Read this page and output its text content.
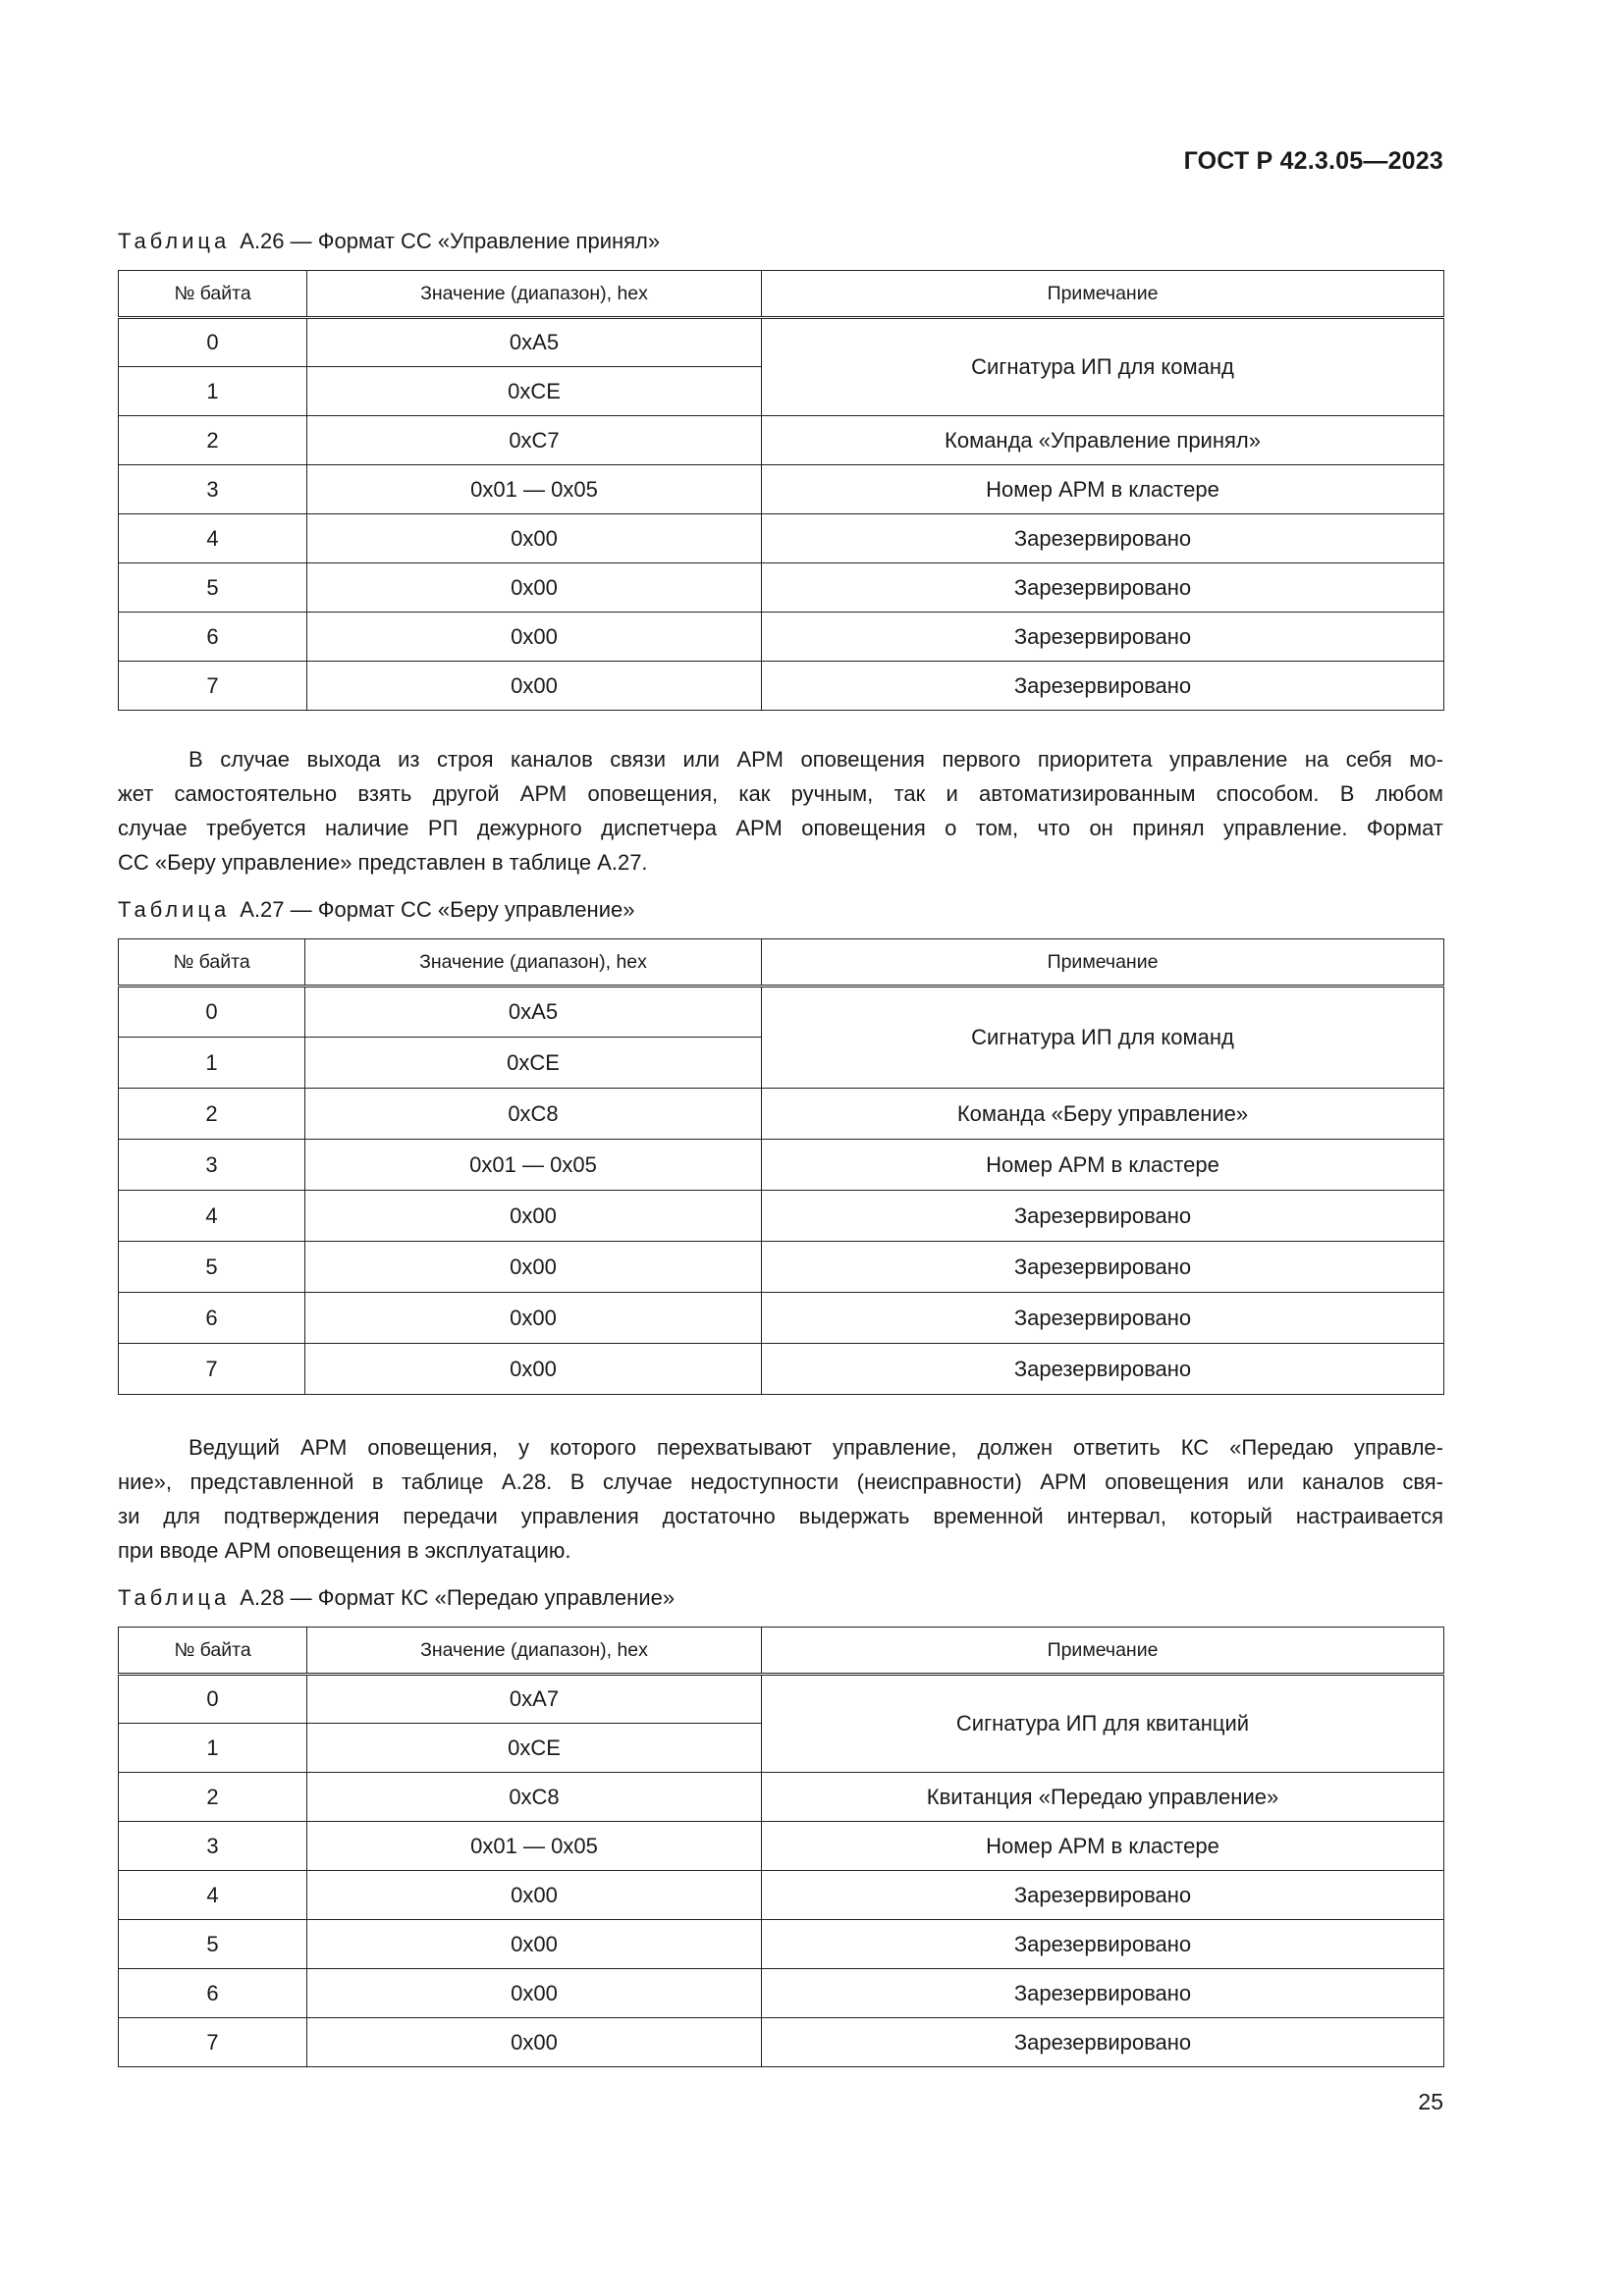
ГОСТ Р 42.3.05—2023
Таблица А.26 — Формат СС «Управление принял»
№ байта	Значение (диапазон), hex	Примечание
0	0xA5	Сигнатура ИП для команд
1	0xCE	
2	0xC7	Команда «Управление принял»
3	0x01 — 0x05	Номер АРМ в кластере
4	0x00	Зарезервировано
5	0x00	Зарезервировано
6	0x00	Зарезервировано
7	0x00	Зарезервировано
В случае выхода из строя каналов связи или АРМ оповещения первого приоритета управление на себя мо-
жет самостоятельно взять другой АРМ оповещения, как ручным, так и автоматизированным способом. В любом
случае требуется наличие РП дежурного диспетчера АРМ оповещения о том, что он принял управление. Формат
СС «Беру управление» представлен в таблице А.27.
Таблица А.27 — Формат СС «Беру управление»
№ байта	Значение (диапазон), hex	Примечание
0	0xA5	Сигнатура ИП для команд
1	0xCE	
2	0xC8	Команда «Беру управление»
3	0x01 — 0x05	Номер АРМ в кластере
4	0x00	Зарезервировано
5	0x00	Зарезервировано
6	0x00	Зарезервировано
7	0x00	Зарезервировано
Ведущий АРМ оповещения, у которого перехватывают управление, должен ответить КС «Передаю управле-
ние», представленной в таблице А.28. В случае недоступности (неисправности) АРМ оповещения или каналов свя-
зи для подтверждения передачи управления достаточно выдержать временной интервал, который настраивается
при вводе АРМ оповещения в эксплуатацию.
Таблица А.28 — Формат КС «Передаю управление»
№ байта	Значение (диапазон), hex	Примечание
0	0xA7	Сигнатура ИП для квитанций
1	0xCE	
2	0xC8	Квитанция «Передаю управление»
3	0x01 — 0x05	Номер АРМ в кластере
4	0x00	Зарезервировано
5	0x00	Зарезервировано
6	0x00	Зарезервировано
7	0x00	Зарезервировано
25
